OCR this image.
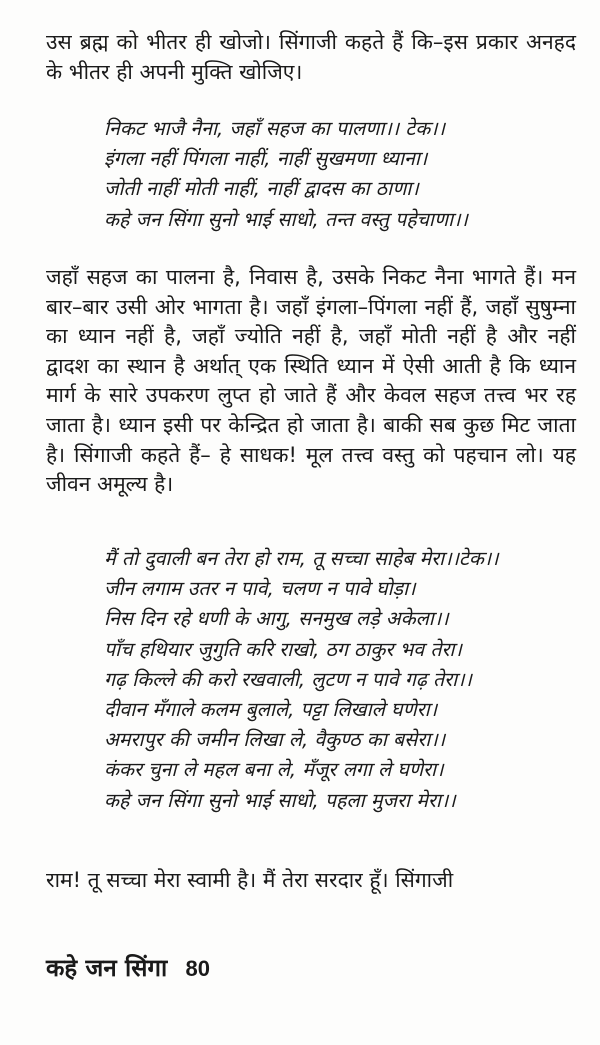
उस ब्रह्म को भीतर ही खोजो। सिंगाजी कहते हैं कि–इस प्रकार अनहद के भीतर ही अपनी मुक्ति खोजिए।
निकट भाजै नैना, जहाँ सहज का पालणा।। टेक।।
इंगला नहीं पिंगला नाहीं, नाहीं सुखमणा ध्याना।
जोती नाहीं मोती नाहीं, नाहीं द्वादस का ठाणा।
कहे जन सिंगा सुनो भाई साधो, तन्त वस्तु पहेचाणा।।
जहाँ सहज का पालना है, निवास है, उसके निकट नैना भागते हैं। मन बार–बार उसी ओर भागता है। जहाँ इंगला–पिंगला नहीं हैं, जहाँ सुषुम्ना का ध्यान नहीं है, जहाँ ज्योति नहीं है, जहाँ मोती नहीं है और नहीं द्वादश का स्थान है अर्थात् एक स्थिति ध्यान में ऐसी आती है कि ध्यान मार्ग के सारे उपकरण लुप्त हो जाते हैं और केवल सहज तत्त्व भर रह जाता है। ध्यान इसी पर केन्द्रित हो जाता है। बाकी सब कुछ मिट जाता है। सिंगाजी कहते हैं– हे साधक! मूल तत्त्व वस्तु को पहचान लो। यह जीवन अमूल्य है।
मैं तो दुवाली बन तेरा हो राम, तू सच्चा साहेब मेरा।।टेक।।
जीन लगाम उतर न पावे, चलण न पावे घोड़ा।
निस दिन रहे धणी के आगु, सनमुख लड़े अकेला।।
पाँच हथियार जुगुति करि राखो, ठग ठाकुर भव तेरा।
गढ़ किल्ले की करो रखवाली, लुटण न पावे गढ़ तेरा।।
दीवान मँगाले कलम बुलाले, पट्टा लिखाले घणेरा।
अमरापुर की जमीन लिखा ले, वैकुण्ठ का बसेरा।।
कंकर चुना ले महल बना ले, मँजूर लगा ले घणेरा।
कहे जन सिंगा सुनो भाई साधो, पहला मुजरा मेरा।।
राम! तू सच्चा मेरा स्वामी है। मैं तेरा सरदार हूँ। सिंगाजी
कहे जन सिंगा 80
